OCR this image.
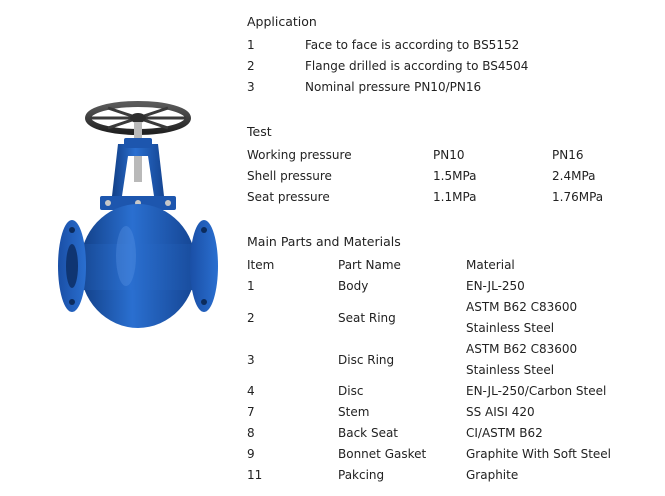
Application
1	Face to face is according to BS5152
2	Flange drilled is according to BS4504
3	Nominal pressure PN10/PN16
Test
Working pressure	PN10	PN16
Shell pressure	1.5MPa	2.4MPa
Seat pressure	1.1MPa	1.76MPa
Main Parts and Materials
Item	Part Name	Material
1	Body	EN-JL-250
2	Seat Ring
ASTM B62 C83600
Stainless Steel
3	Disc Ring
ASTM B62 C83600
Stainless Steel
4	Disc	EN-JL-250/Carbon Steel
7	Stem	SS AISI 420
8	Back Seat	CI/ASTM B62
9	Bonnet Gasket	Graphite With Soft Steel
11	Pakcing	Graphite
